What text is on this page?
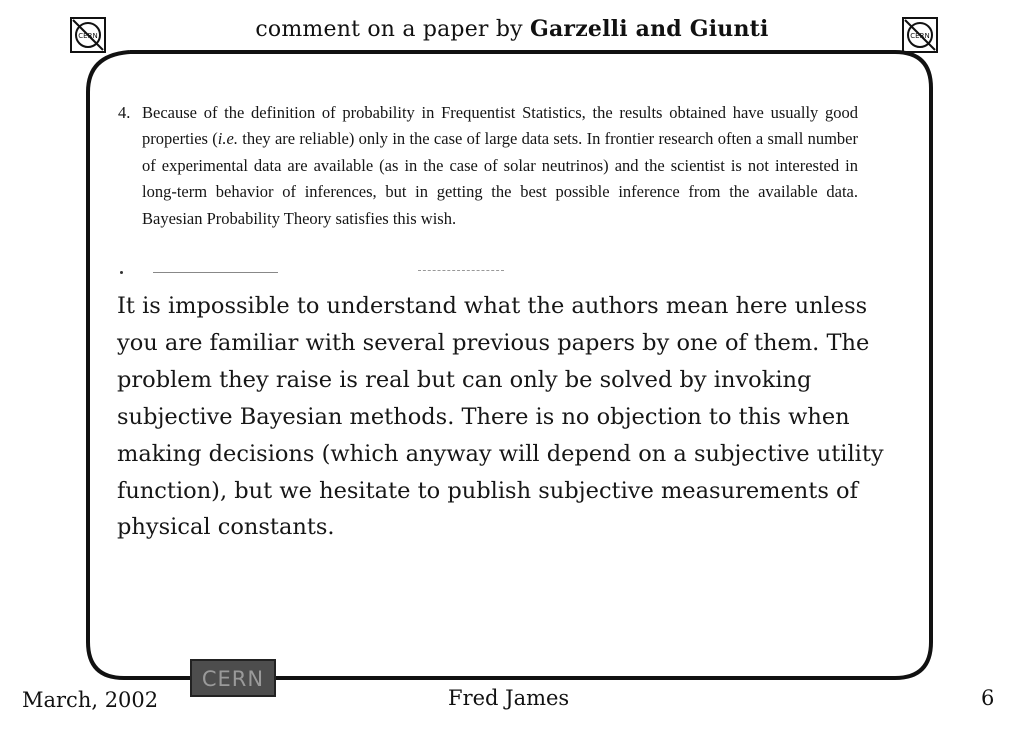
comment on a paper by Garzelli and Giunti
CERN	CERN
4. Because of the definition of probability in Frequentist Statistics, the results obtained have usually good properties (i.e. they are reliable) only in the case of large data sets. In frontier research often a small number of experimental data are available (as in the case of solar neutrinos) and the scientist is not interested in long-term behavior of inferences, but in getting the best possible inference from the available data. Bayesian Probability Theory satisfies this wish.
It is impossible to understand what the authors mean here unless you are familiar with several previous papers by one of them. The problem they raise is real but can only be solved by invoking subjective Bayesian methods. There is no objection to this when making decisions (which anyway will depend on a subjective utility function), but we hesitate to publish subjective measurements of physical constants.
CERN
March, 2002	Fred James	6
